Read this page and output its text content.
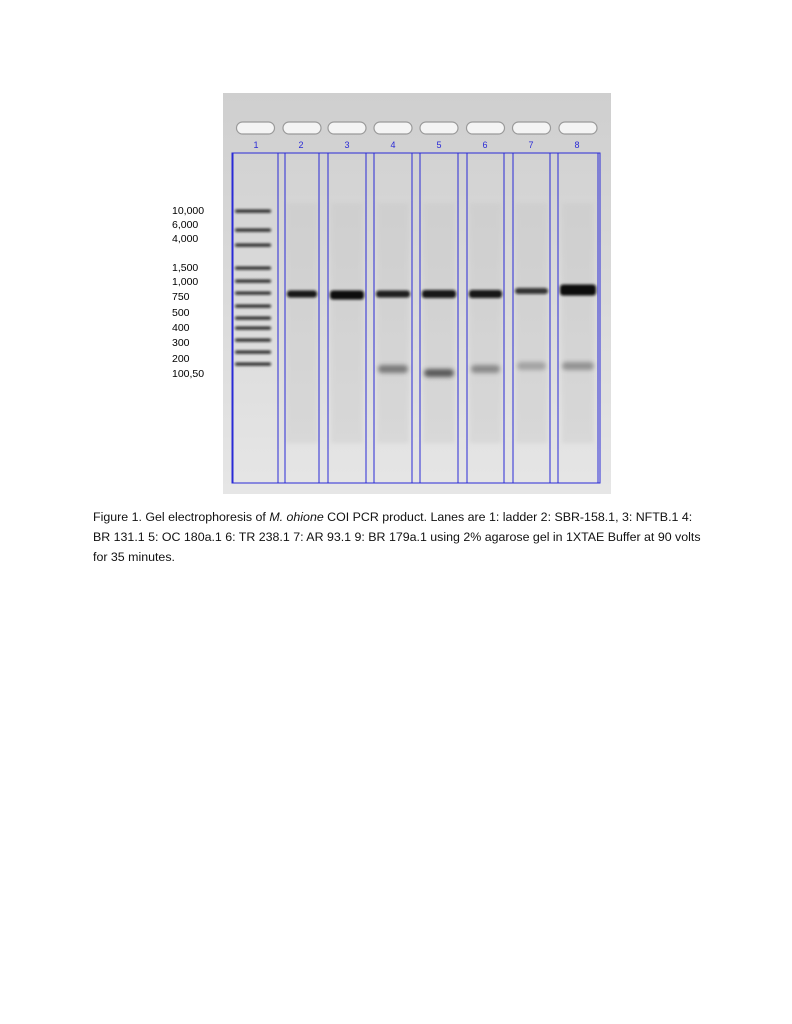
10,000
6,000
4,000
1,500
1,000
750
500
400
300
200
100,50
1	2	3	4	5	6	7	8
Figure 1. Gel electrophoresis of M. ohione COI PCR product. Lanes are 1: ladder 2: SBR-158.1, 3: NFTB.1 4: BR 131.1 5: OC 180a.1 6: TR 238.1 7: AR 93.1 9: BR 179a.1 using 2% agarose gel in 1XTAE Buffer at 90 volts for 35 minutes.
